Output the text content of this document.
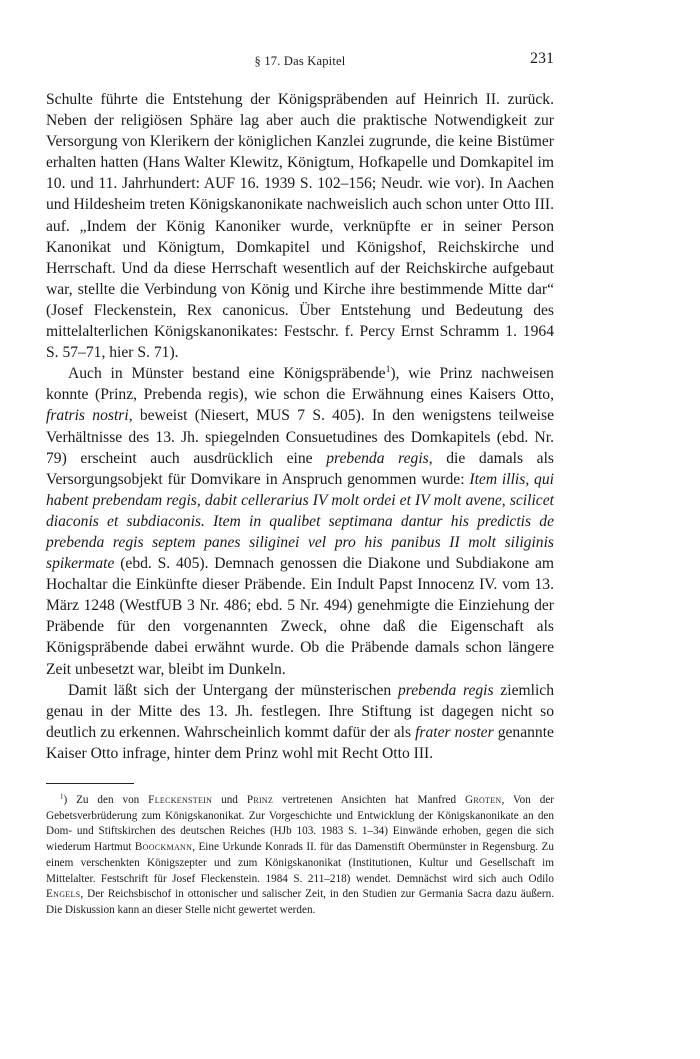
§ 17. Das Kapitel	231

Schulte führte die Entstehung der Königspräbenden auf Heinrich II. zurück. Neben der religiösen Sphäre lag aber auch die praktische Notwendigkeit zur Versorgung von Klerikern der königlichen Kanzlei zugrunde, die keine Bistümer erhalten hatten (Hans Walter Klewitz, Königtum, Hofkapelle und Domkapitel im 10. und 11. Jahrhundert: AUF 16. 1939 S. 102–156; Neudr. wie vor). In Aachen und Hildesheim treten Königskanonikate nachweislich auch schon unter Otto III. auf. „Indem der König Kanoniker wurde, verknüpfte er in seiner Person Kanonikat und Königtum, Domkapitel und Königshof, Reichskirche und Herrschaft. Und da diese Herrschaft wesentlich auf der Reichskirche aufgebaut war, stellte die Verbindung von König und Kirche ihre bestimmende Mitte dar“ (Josef Fleckenstein, Rex canonicus. Über Entstehung und Bedeutung des mittelalterlichen Königskanonikates: Festschr. f. Percy Ernst Schramm 1. 1964 S. 57–71, hier S. 71).

Auch in Münster bestand eine Königspräbende$^1$), wie Prinz nachweisen konnte (Prinz, Prebenda regis), wie schon die Erwähnung eines Kaisers Otto, fratris nostri, beweist (Niesert, MUS 7 S. 405). In den wenigstens teilweise Verhältnisse des 13. Jh. spiegelnden Consuetudines des Domkapitels (ebd. Nr. 79) erscheint auch ausdrücklich eine prebenda regis, die damals als Versorgungsobjekt für Domvikare in Anspruch genommen wurde: Item illis, qui habent prebendam regis, dabit cellerarius IV molt ordei et IV molt avene, scilicet diaconis et subdiaconis. Item in qualibet septimana dantur his predictis de prebenda regis septem panes siliginei vel pro his panibus II molt siliginis spikermate (ebd. S. 405). Demnach genossen die Diakone und Subdiakone am Hochaltar die Einkünfte dieser Präbende. Ein Indult Papst Innocenz IV. vom 13. März 1248 (WestfUB 3 Nr. 486; ebd. 5 Nr. 494) genehmigte die Einziehung der Präbende für den vorgenannten Zweck, ohne daß die Eigenschaft als Königspräbende dabei erwähnt wurde. Ob die Präbende damals schon längere Zeit unbesetzt war, bleibt im Dunkeln.

Damit läßt sich der Untergang der münsterischen prebenda regis ziemlich genau in der Mitte des 13. Jh. festlegen. Ihre Stiftung ist dagegen nicht so deutlich zu erkennen. Wahrscheinlich kommt dafür der als frater noster genannte Kaiser Otto infrage, hinter dem Prinz wohl mit Recht Otto III.

$^1$) Zu den von Fleckenstein und Prinz vertretenen Ansichten hat Manfred Groten, Von der Gebetsverbrüderung zum Königskanonikat. Zur Vorgeschichte und Entwicklung der Königskanonikate an den Dom- und Stiftskirchen des deutschen Reiches (HJb 103. 1983 S. 1–34) Einwände erhoben, gegen die sich wiederum Hartmut Boockmann, Eine Urkunde Konrads II. für das Damenstift Obermünster in Regensburg. Zu einem verschenkten Königszepter und zum Königskanonikat (Institutionen, Kultur und Gesellschaft im Mittelalter. Festschrift für Josef Fleckenstein. 1984 S. 211–218) wendet. Demnächst wird sich auch Odilo Engels, Der Reichsbischof in ottonischer und salischer Zeit, in den Studien zur Germania Sacra dazu äußern. Die Diskussion kann an dieser Stelle nicht gewertet werden.
